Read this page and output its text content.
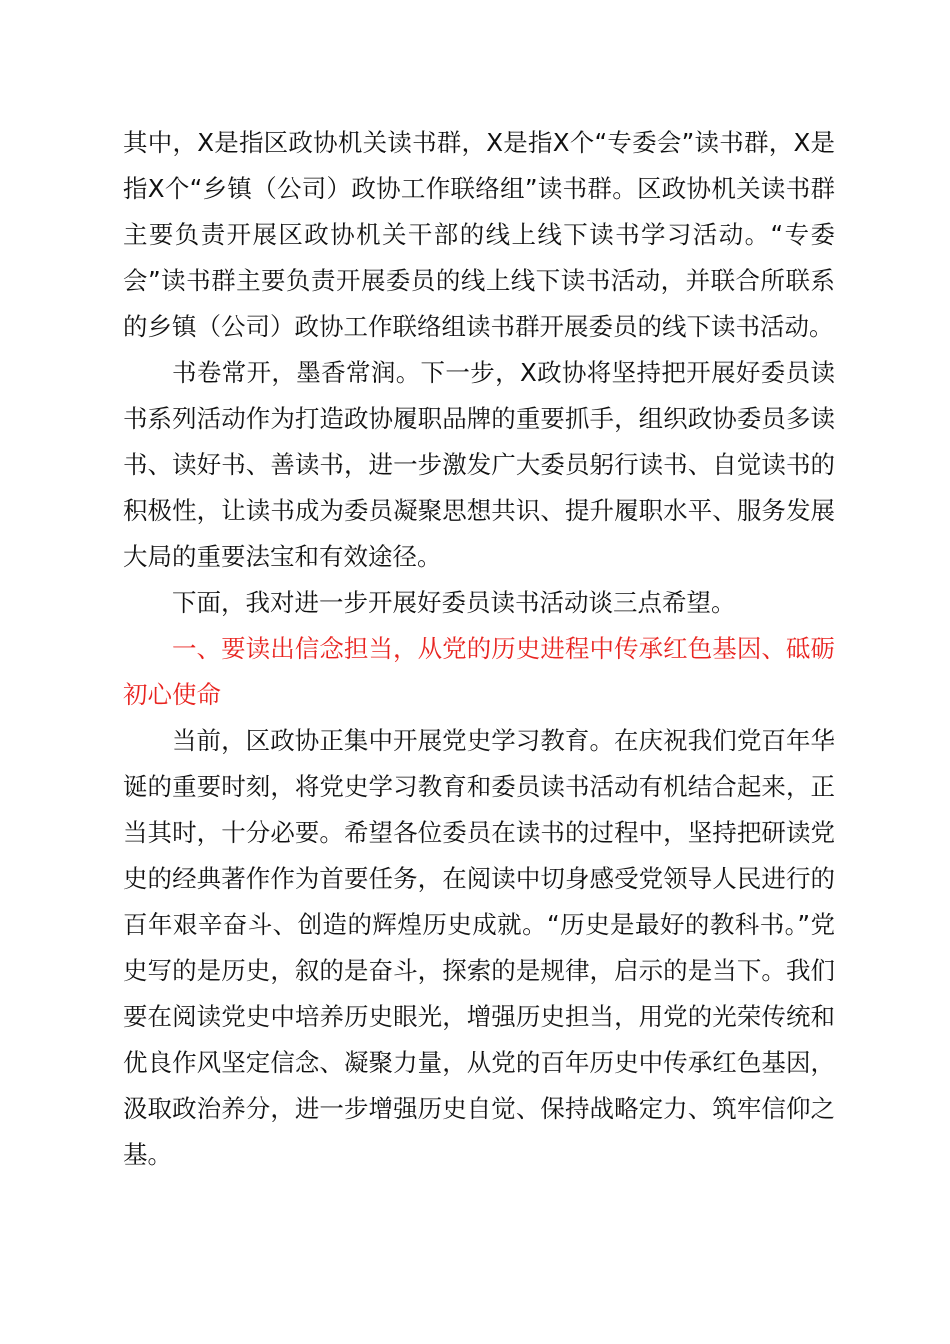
其中，X是指区政协机关读书群，X是指X个“专委会”读书群，X是指X个“乡镇（公司）政协工作联络组”读书群。区政协机关读书群主要负责开展区政协机关干部的线上线下读书学习活动。“专委会”读书群主要负责开展委员的线上线下读书活动，并联合所联系的乡镇（公司）政协工作联络组读书群开展委员的线下读书活动。

书卷常开，墨香常润。下一步，X政协将坚持把开展好委员读书系列活动作为打造政协履职品牌的重要抓手，组织政协委员多读书、读好书、善读书，进一步激发广大委员躬行读书、自觉读书的积极性，让读书成为委员凝聚思想共识、提升履职水平、服务发展大局的重要法宝和有效途径。

下面，我对进一步开展好委员读书活动谈三点希望。

一、要读出信念担当，从党的历史进程中传承红色基因、砥砺初心使命

当前，区政协正集中开展党史学习教育。在庆祝我们党百年华诞的重要时刻，将党史学习教育和委员读书活动有机结合起来，正当其时，十分必要。希望各位委员在读书的过程中，坚持把研读党史的经典著作作为首要任务，在阅读中切身感受党领导人民进行的百年艰辛奋斗、创造的辉煌历史成就。“历史是最好的教科书。”党史写的是历史，叙的是奋斗，探索的是规律，启示的是当下。我们要在阅读党史中培养历史眼光，增强历史担当，用党的光荣传统和优良作风坚定信念、凝聚力量，从党的百年历史中传承红色基因，汲取政治养分，进一步增强历史自觉、保持战略定力、筑牢信仰之基。
